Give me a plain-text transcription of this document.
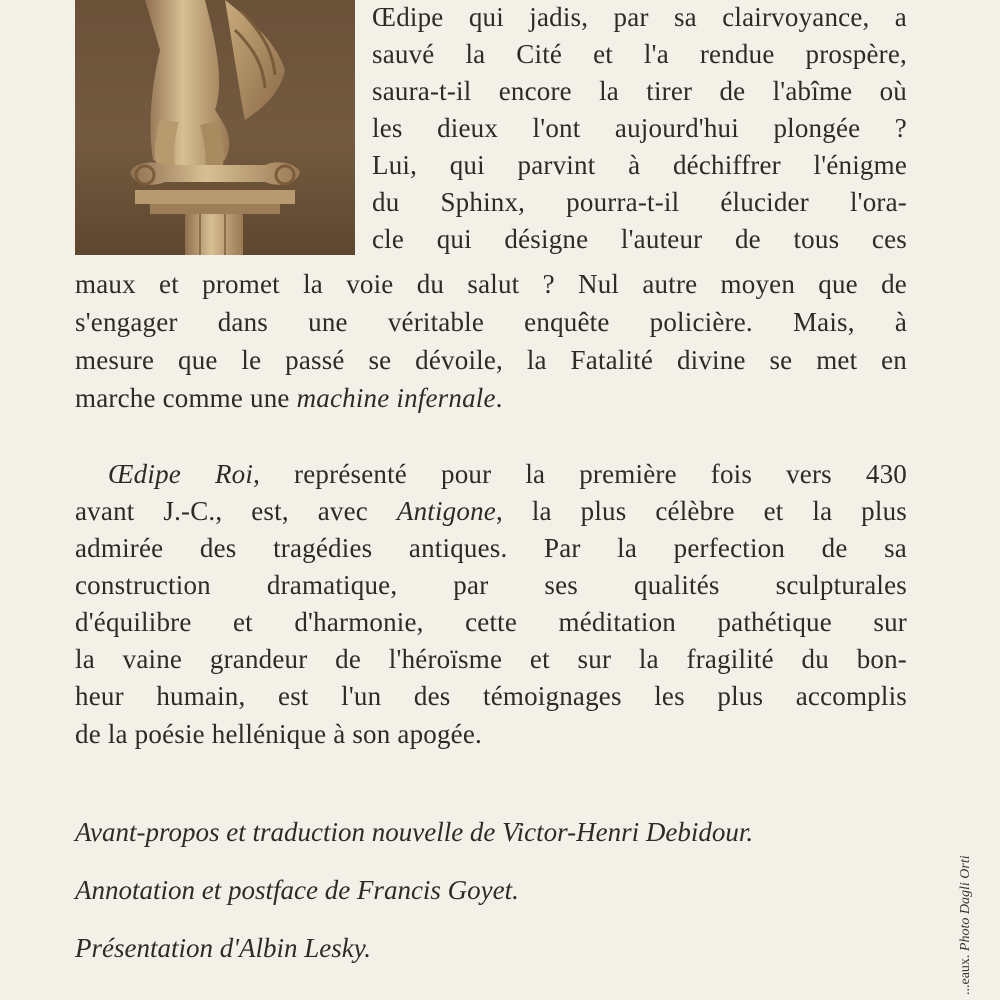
Œdipe qui jadis, par sa clairvoyance, a
sauvé la Cité et l'a rendue prospère,
saura-t-il encore la tirer de l'abîme où
les dieux l'ont aujourd'hui plongée ?
Lui, qui parvint à déchiffrer l'énigme
du Sphinx, pourra-t-il élucider l'ora-
cle qui désigne l'auteur de tous ces
maux et promet la voie du salut ? Nul autre moyen que de
s'engager dans une véritable enquête policière. Mais, à
mesure que le passé se dévoile, la Fatalité divine se met en
marche comme une machine infernale.
Œdipe Roi, représenté pour la première fois vers 430
avant J.-C., est, avec Antigone, la plus célèbre et la plus
admirée des tragédies antiques. Par la perfection de sa
construction dramatique, par ses qualités sculpturales
d'équilibre et d'harmonie, cette méditation pathétique sur
la vaine grandeur de l'héroïsme et sur la fragilité du bon-
heur humain, est l'un des témoignages les plus accomplis
de la poésie hellénique à son apogée.
Avant-propos et traduction nouvelle de Victor-Henri Debidour.
Annotation et postface de Francis Goyet.
Présentation d'Albin Lesky.
...eaux. Photo Dagli Orti
